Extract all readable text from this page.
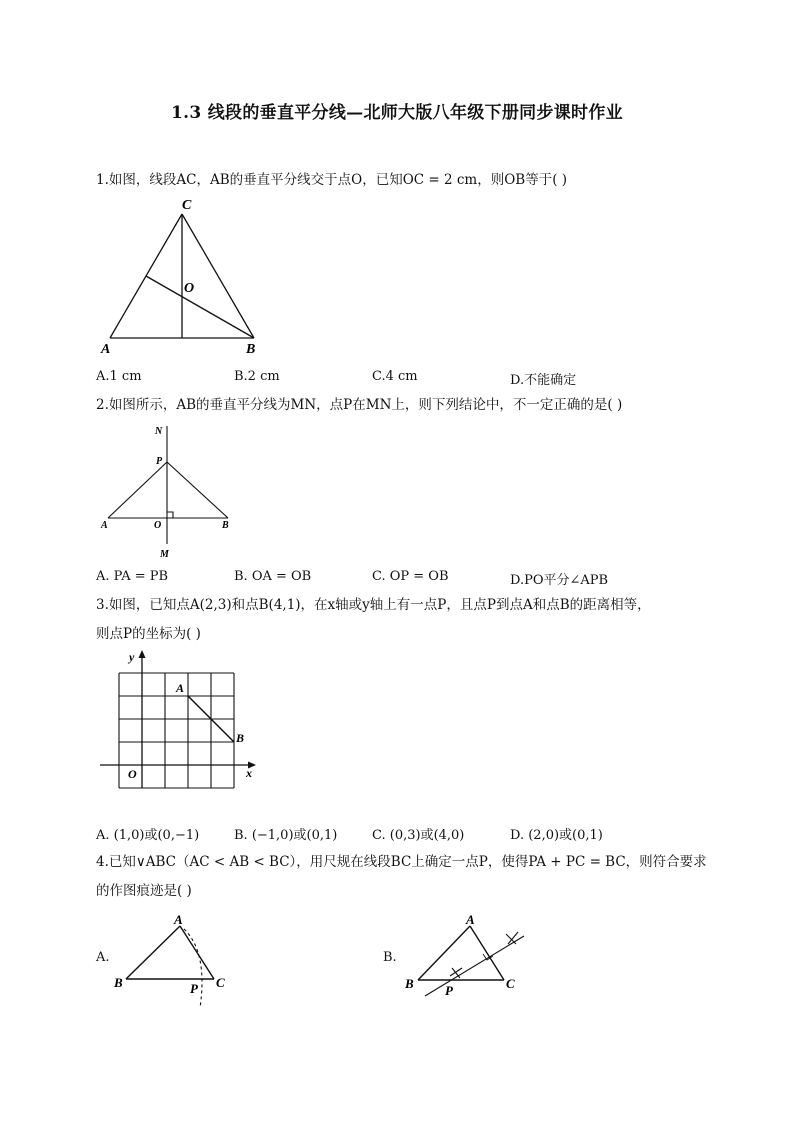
1.3 线段的垂直平分线—北师大版八年级下册同步课时作业
1.如图，线段AC，AB的垂直平分线交于点O，已知OC = 2 cm，则OB等于( )
C
O
A	B
A.1 cm	B.2 cm	C.4 cm	D.不能确定
2.如图所示，AB的垂直平分线为MN，点P在MN上，则下列结论中，不一定正确的是( )
N
P
A	O	B
M
A. PA = PB	B. OA = OB	C. OP = OB	D.PO平分∠APB
3.如图，已知点A(2,3)和点B(4,1)，在x轴或y轴上有一点P，且点P到点A和点B的距离相等，
则点P的坐标为( )
y
x
O
A
B
A. (1,0)或(0,−1)	B. (−1,0)或(0,1)	C. (0,3)或(4,0)	D. (2,0)或(0,1)
4.已知∨ABC（AC < AB < BC），用尺规在线段BC上确定一点P，使得PA + PC = BC，则符合要求
的作图痕迹是( )
A.
A
B	C
P
B.
A
B	C
P
